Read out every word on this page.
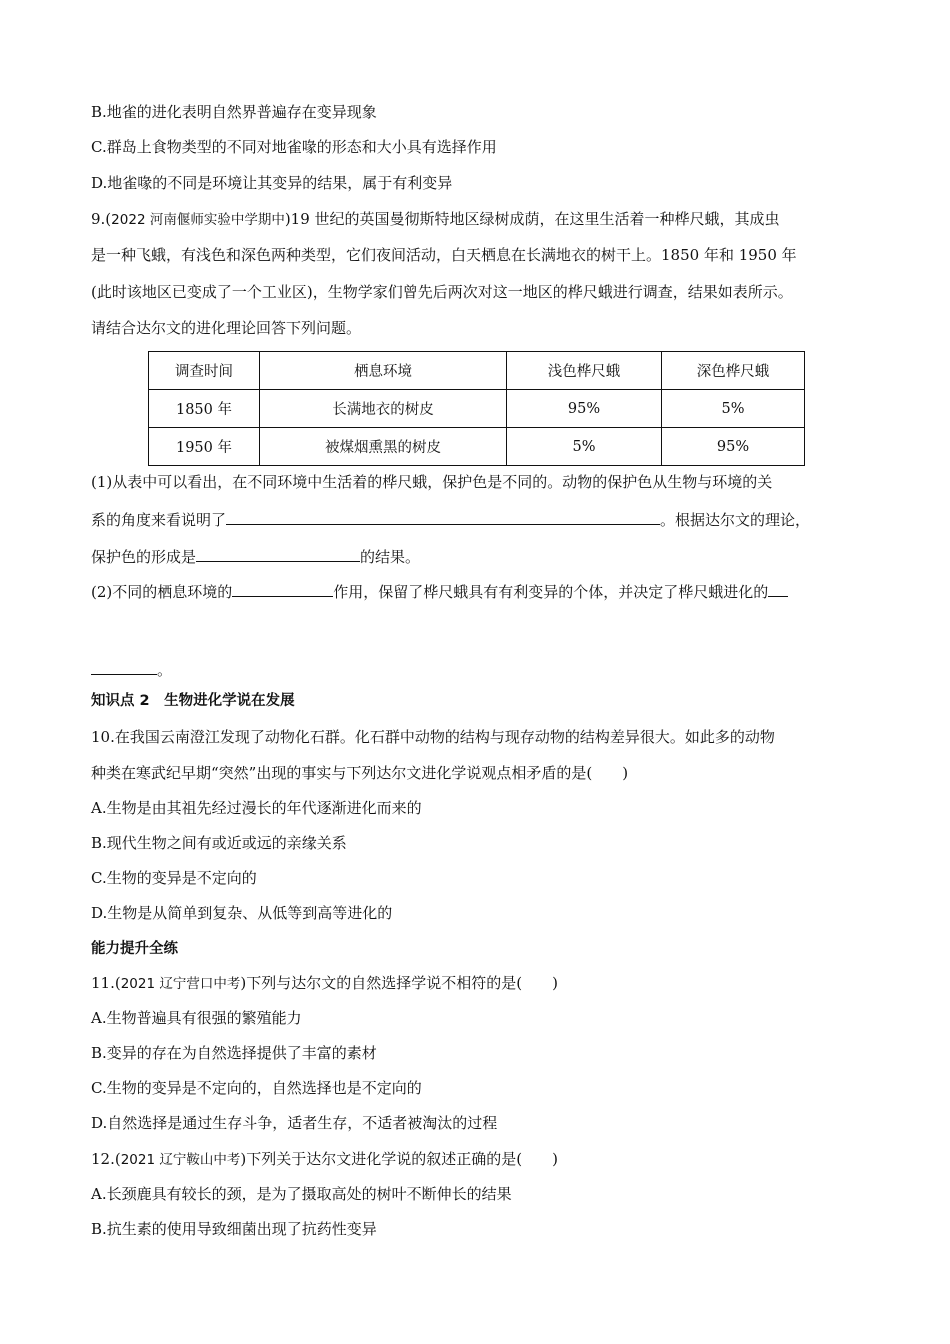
B.地雀的进化表明自然界普遍存在变异现象
C.群岛上食物类型的不同对地雀喙的形态和大小具有选择作用
D.地雀喙的不同是环境让其变异的结果，属于有利变异
9.(2022 河南偃师实验中学期中)19 世纪的英国曼彻斯特地区绿树成荫，在这里生活着一种桦尺蛾，其成虫
是一种飞蛾，有浅色和深色两种类型，它们夜间活动，白天栖息在长满地衣的树干上。1850 年和 1950 年
(此时该地区已变成了一个工业区)，生物学家们曾先后两次对这一地区的桦尺蛾进行调查，结果如表所示。
请结合达尔文的进化理论回答下列问题。
调查时间	栖息环境	浅色桦尺蛾	深色桦尺蛾
1850 年	长满地衣的树皮	95%	5%
1950 年	被煤烟熏黑的树皮	5%	95%
(1)从表中可以看出，在不同环境中生活着的桦尺蛾，保护色是不同的。动物的保护色从生物与环境的关
系的角度来看说明了	。根据达尔文的理论，
保护色的形成是	的结果。
(2)不同的栖息环境的	作用，保留了桦尺蛾具有有利变异的个体，并决定了桦尺蛾进化的
。
知识点 2　生物进化学说在发展
10.在我国云南澄江发现了动物化石群。化石群中动物的结构与现存动物的结构差异很大。如此多的动物
种类在寒武纪早期“突然”出现的事实与下列达尔文进化学说观点相矛盾的是(　　)
A.生物是由其祖先经过漫长的年代逐渐进化而来的
B.现代生物之间有或近或远的亲缘关系
C.生物的变异是不定向的
D.生物是从简单到复杂、从低等到高等进化的
能力提升全练
11.(2021 辽宁营口中考)下列与达尔文的自然选择学说不相符的是(　　)
A.生物普遍具有很强的繁殖能力
B.变异的存在为自然选择提供了丰富的素材
C.生物的变异是不定向的，自然选择也是不定向的
D.自然选择是通过生存斗争，适者生存，不适者被淘汰的过程
12.(2021 辽宁鞍山中考)下列关于达尔文进化学说的叙述正确的是(　　)
A.长颈鹿具有较长的颈，是为了摄取高处的树叶不断伸长的结果
B.抗生素的使用导致细菌出现了抗药性变异
